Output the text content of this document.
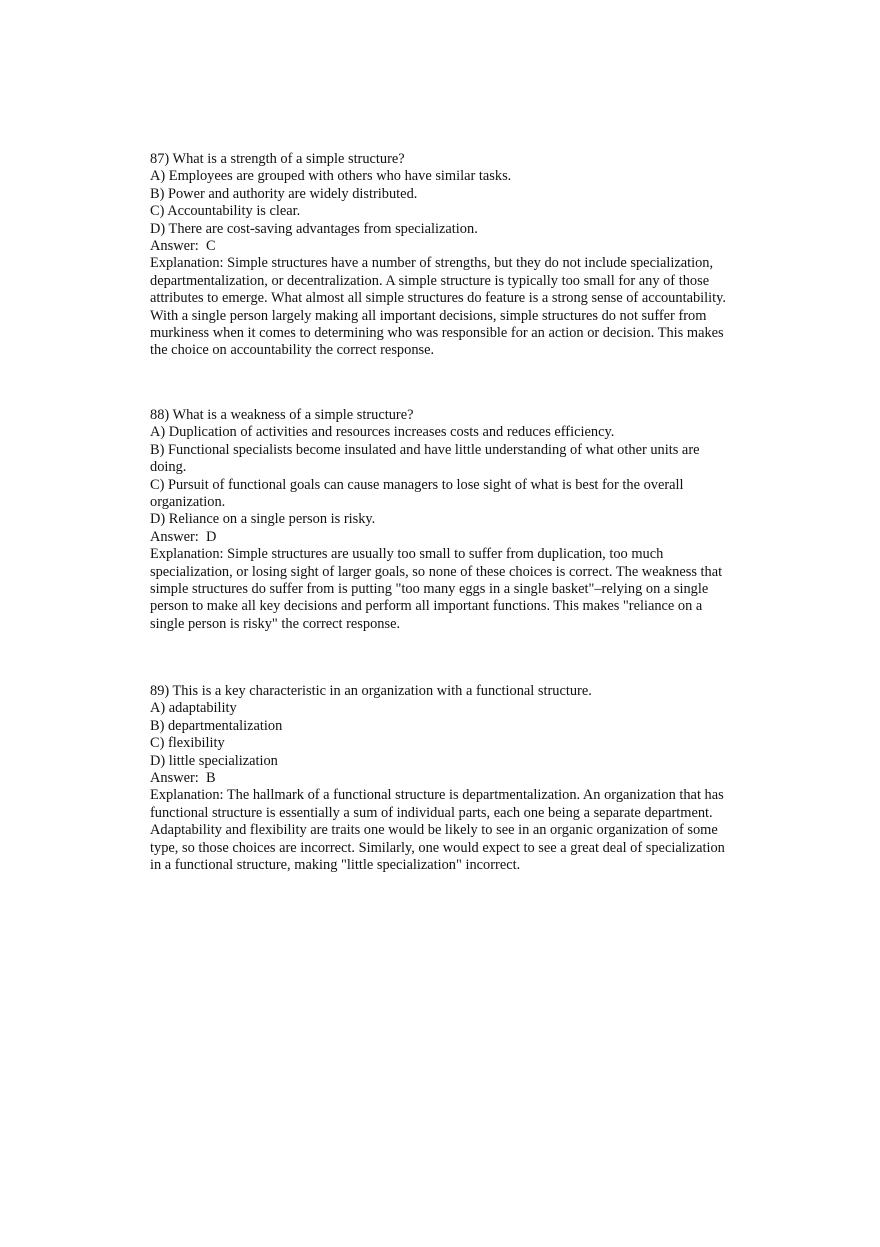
87) What is a strength of a simple structure?
A) Employees are grouped with others who have similar tasks.
B) Power and authority are widely distributed.
C) Accountability is clear.
D) There are cost-saving advantages from specialization.
Answer:  C
Explanation: Simple structures have a number of strengths, but they do not include specialization, departmentalization, or decentralization. A simple structure is typically too small for any of those attributes to emerge. What almost all simple structures do feature is a strong sense of accountability. With a single person largely making all important decisions, simple structures do not suffer from murkiness when it comes to determining who was responsible for an action or decision. This makes the choice on accountability the correct response.
88) What is a weakness of a simple structure?
A) Duplication of activities and resources increases costs and reduces efficiency.
B) Functional specialists become insulated and have little understanding of what other units are doing.
C) Pursuit of functional goals can cause managers to lose sight of what is best for the overall organization.
D) Reliance on a single person is risky.
Answer:  D
Explanation: Simple structures are usually too small to suffer from duplication, too much specialization, or losing sight of larger goals, so none of these choices is correct. The weakness that simple structures do suffer from is putting "too many eggs in a single basket"–relying on a single person to make all key decisions and perform all important functions. This makes "reliance on a single person is risky" the correct response.
89) This is a key characteristic in an organization with a functional structure.
A) adaptability
B) departmentalization
C) flexibility
D) little specialization
Answer:  B
Explanation: The hallmark of a functional structure is departmentalization. An organization that has functional structure is essentially a sum of individual parts, each one being a separate department. Adaptability and flexibility are traits one would be likely to see in an organic organization of some type, so those choices are incorrect. Similarly, one would expect to see a great deal of specialization in a functional structure, making "little specialization" incorrect.
